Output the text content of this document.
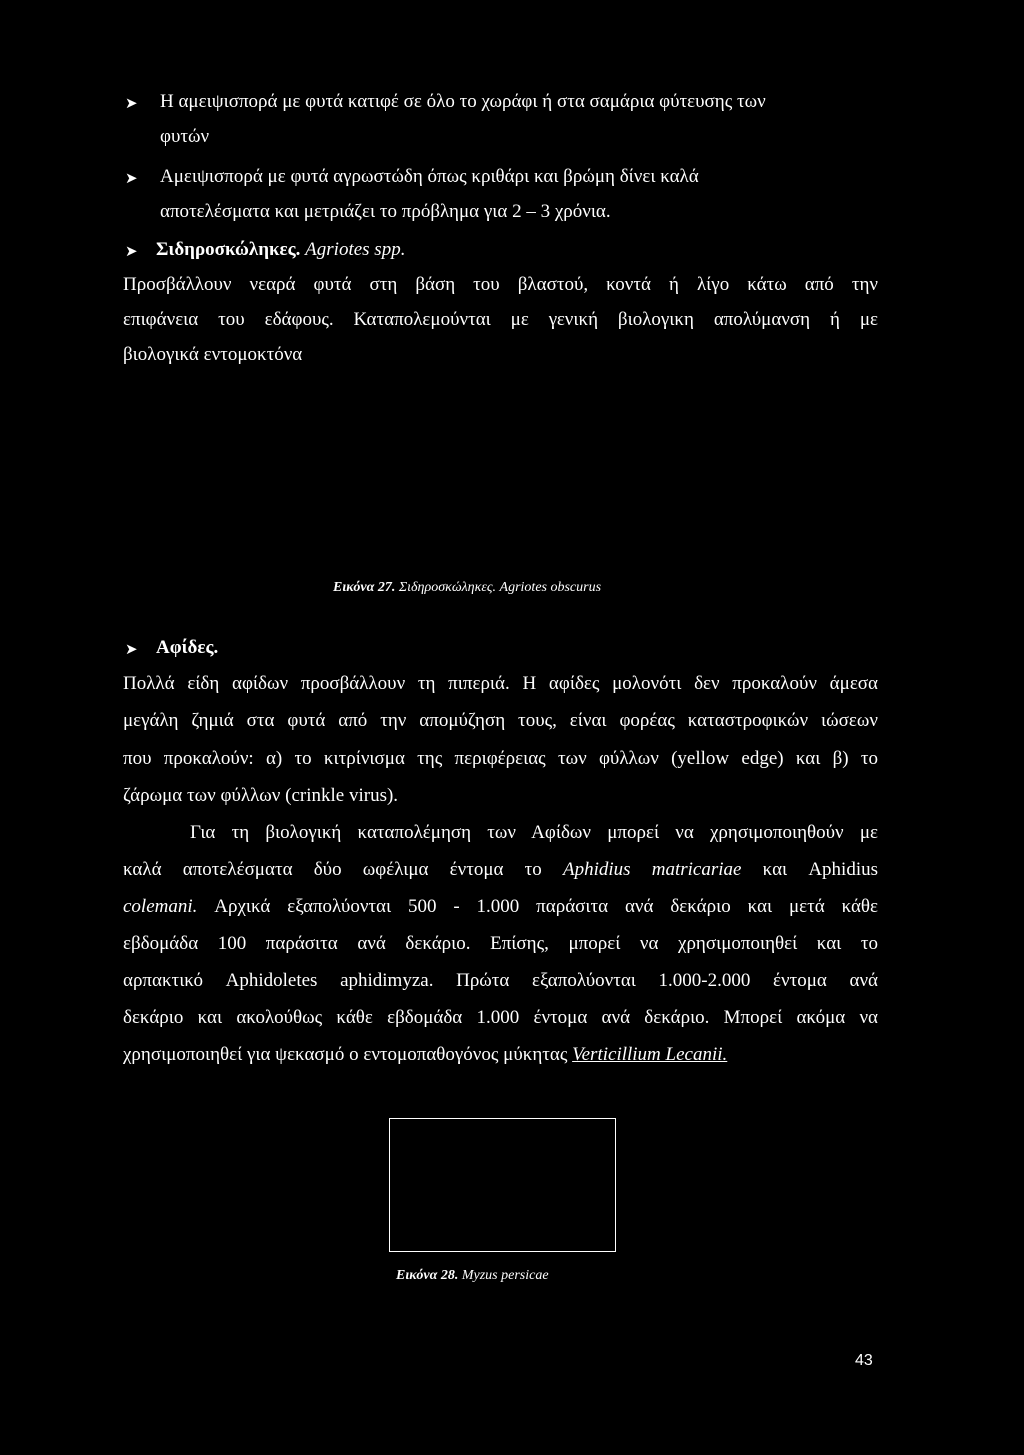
➤ Η αμειψισπορά με φυτά κατιφέ σε όλο το χωράφι ή στα σαμάρια φύτευσης των
φυτών
➤ Αμειψισπορά με φυτά αγρωστώδη όπως κριθάρι και βρώμη δίνει καλά
αποτελέσματα και μετριάζει το πρόβλημα για 2 – 3 χρόνια.
➤ Σιδηροσκώληκες. Agriotes spp.
Προσβάλλουν νεαρά φυτά στη βάση του βλαστού, κοντά ή λίγο κάτω από την
επιφάνεια του εδάφους. Καταπολεμούνται με γενική βιολογικη απολύμανση ή με
βιολογικά εντομοκτόνα
Εικόνα 27. Σιδηροσκώληκες. Agriotes obscurus
➤ Αφίδες.
Πολλά είδη αφίδων προσβάλλουν τη πιπεριά. Η αφίδες μολονότι δεν προκαλούν άμεσα
μεγάλη ζημιά στα φυτά από την απομύζηση τους, είναι φορέας καταστροφικών ιώσεων
που προκαλούν: α) το κιτρίνισμα της περιφέρειας των φύλλων (yellow edge) και β) το
ζάρωμα των φύλλων (crinkle virus).
Για τη βιολογική καταπολέμηση των Αφίδων μπορεί να χρησιμοποιηθούν με
καλά αποτελέσματα δύο ωφέλιμα έντομα το Aphidius matricariae και Aphidius
colemani. Αρχικά εξαπολύονται 500 - 1.000 παράσιτα ανά δεκάριο και μετά κάθε
εβδομάδα 100 παράσιτα ανά δεκάριο. Επίσης, μπορεί να χρησιμοποιηθεί και το
αρπακτικό Aphidoletes aphidimyza. Πρώτα εξαπολύονται 1.000-2.000 έντομα ανά
δεκάριο και ακολούθως κάθε εβδομάδα 1.000 έντομα ανά δεκάριο. Μπορεί ακόμα να
χρησιμοποιηθεί για ψεκασμό ο εντομοπαθογόνος μύκητας Verticillium Lecanii.
Εικόνα 28. Myzus persicae
43
